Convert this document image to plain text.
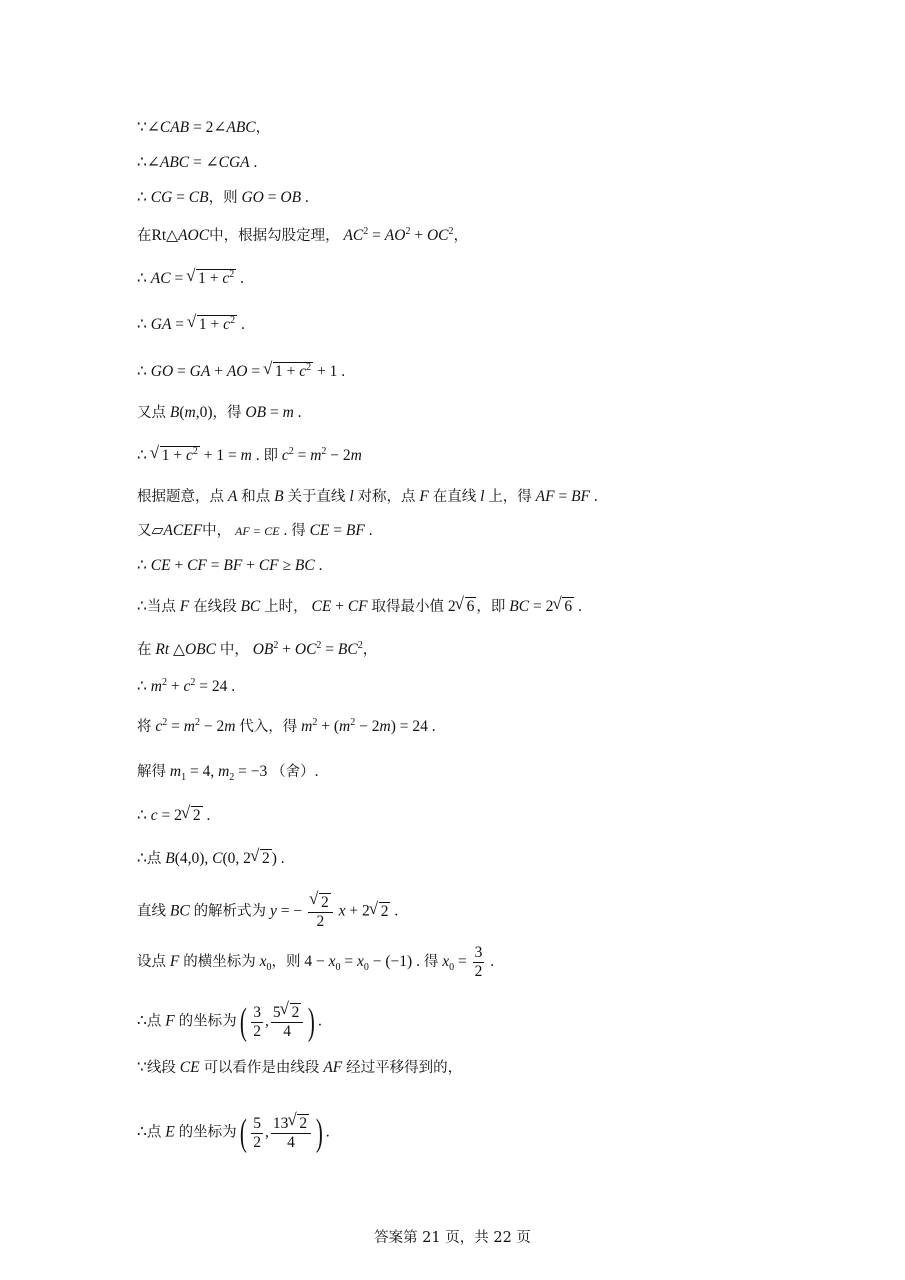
∵∠CAB = 2∠ABC，
∴∠ABC = ∠CGA .
∴ CG = CB，则 GO = OB .
在Rt△AOC中，根据勾股定理， $AC^2 = AO^2 + OC^2$，
∴ AC = √ $1 + c^2$ .
∴ GA = √ $1 + c^2$ .
∴ GO = GA + AO = √ $1 + c^2 + 1$ .
又点 B(m,0)，得 OB = m .
∴ √ $1 + c^2 + 1 = m$ . 即 $c^2 = m^2 - 2m$
根据题意，点 A 和点 B 关于直线 l 对称，点 F 在直线 l 上，得 AF = BF .
又▱ACEF中， AF = CE . 得 CE = BF .
∴ CE + CF = BF + CF ≥ BC .
∴当点 F 在线段 BC 上时， CE + CF 取得最小值 2 √ 6 ，即 BC = 2 √ 6 .
在 Rt △OBC 中， $OB^2 + OC^2 = BC^2$，
∴ $m^2 + c^2 = 24$ .
将 $c^2 = m^2 - 2m$ 代入，得 $m^2 + (m^2 - 2m) = 24$ .
解得 $m_1 = 4$, $m_2 = -3$ （舍）.
∴ c = 2 √ 2 .
∴点 B(4,0), C(0, 2 √ 2 ) .
直线 BC 的解析式为 y = − √ $\frac{2}{2}$ x + 2 √ 2 .
设点 F 的横坐标为 $x_0$，则 $4 - x_0 = x_0 - (-1)$ . 得 $x_0 = \frac{3}{2}$ .
∴点 F 的坐标为( $\frac{3}{2}$ , $\frac{5 √ 2}{4}$ ) .
∵线段 CE 可以看作是由线段 AF 经过平移得到的，
∴点 E 的坐标为( $\frac{5}{2}$ , $\frac{13 √ 2}{4}$ ) .
答案第 21 页，共 22 页
